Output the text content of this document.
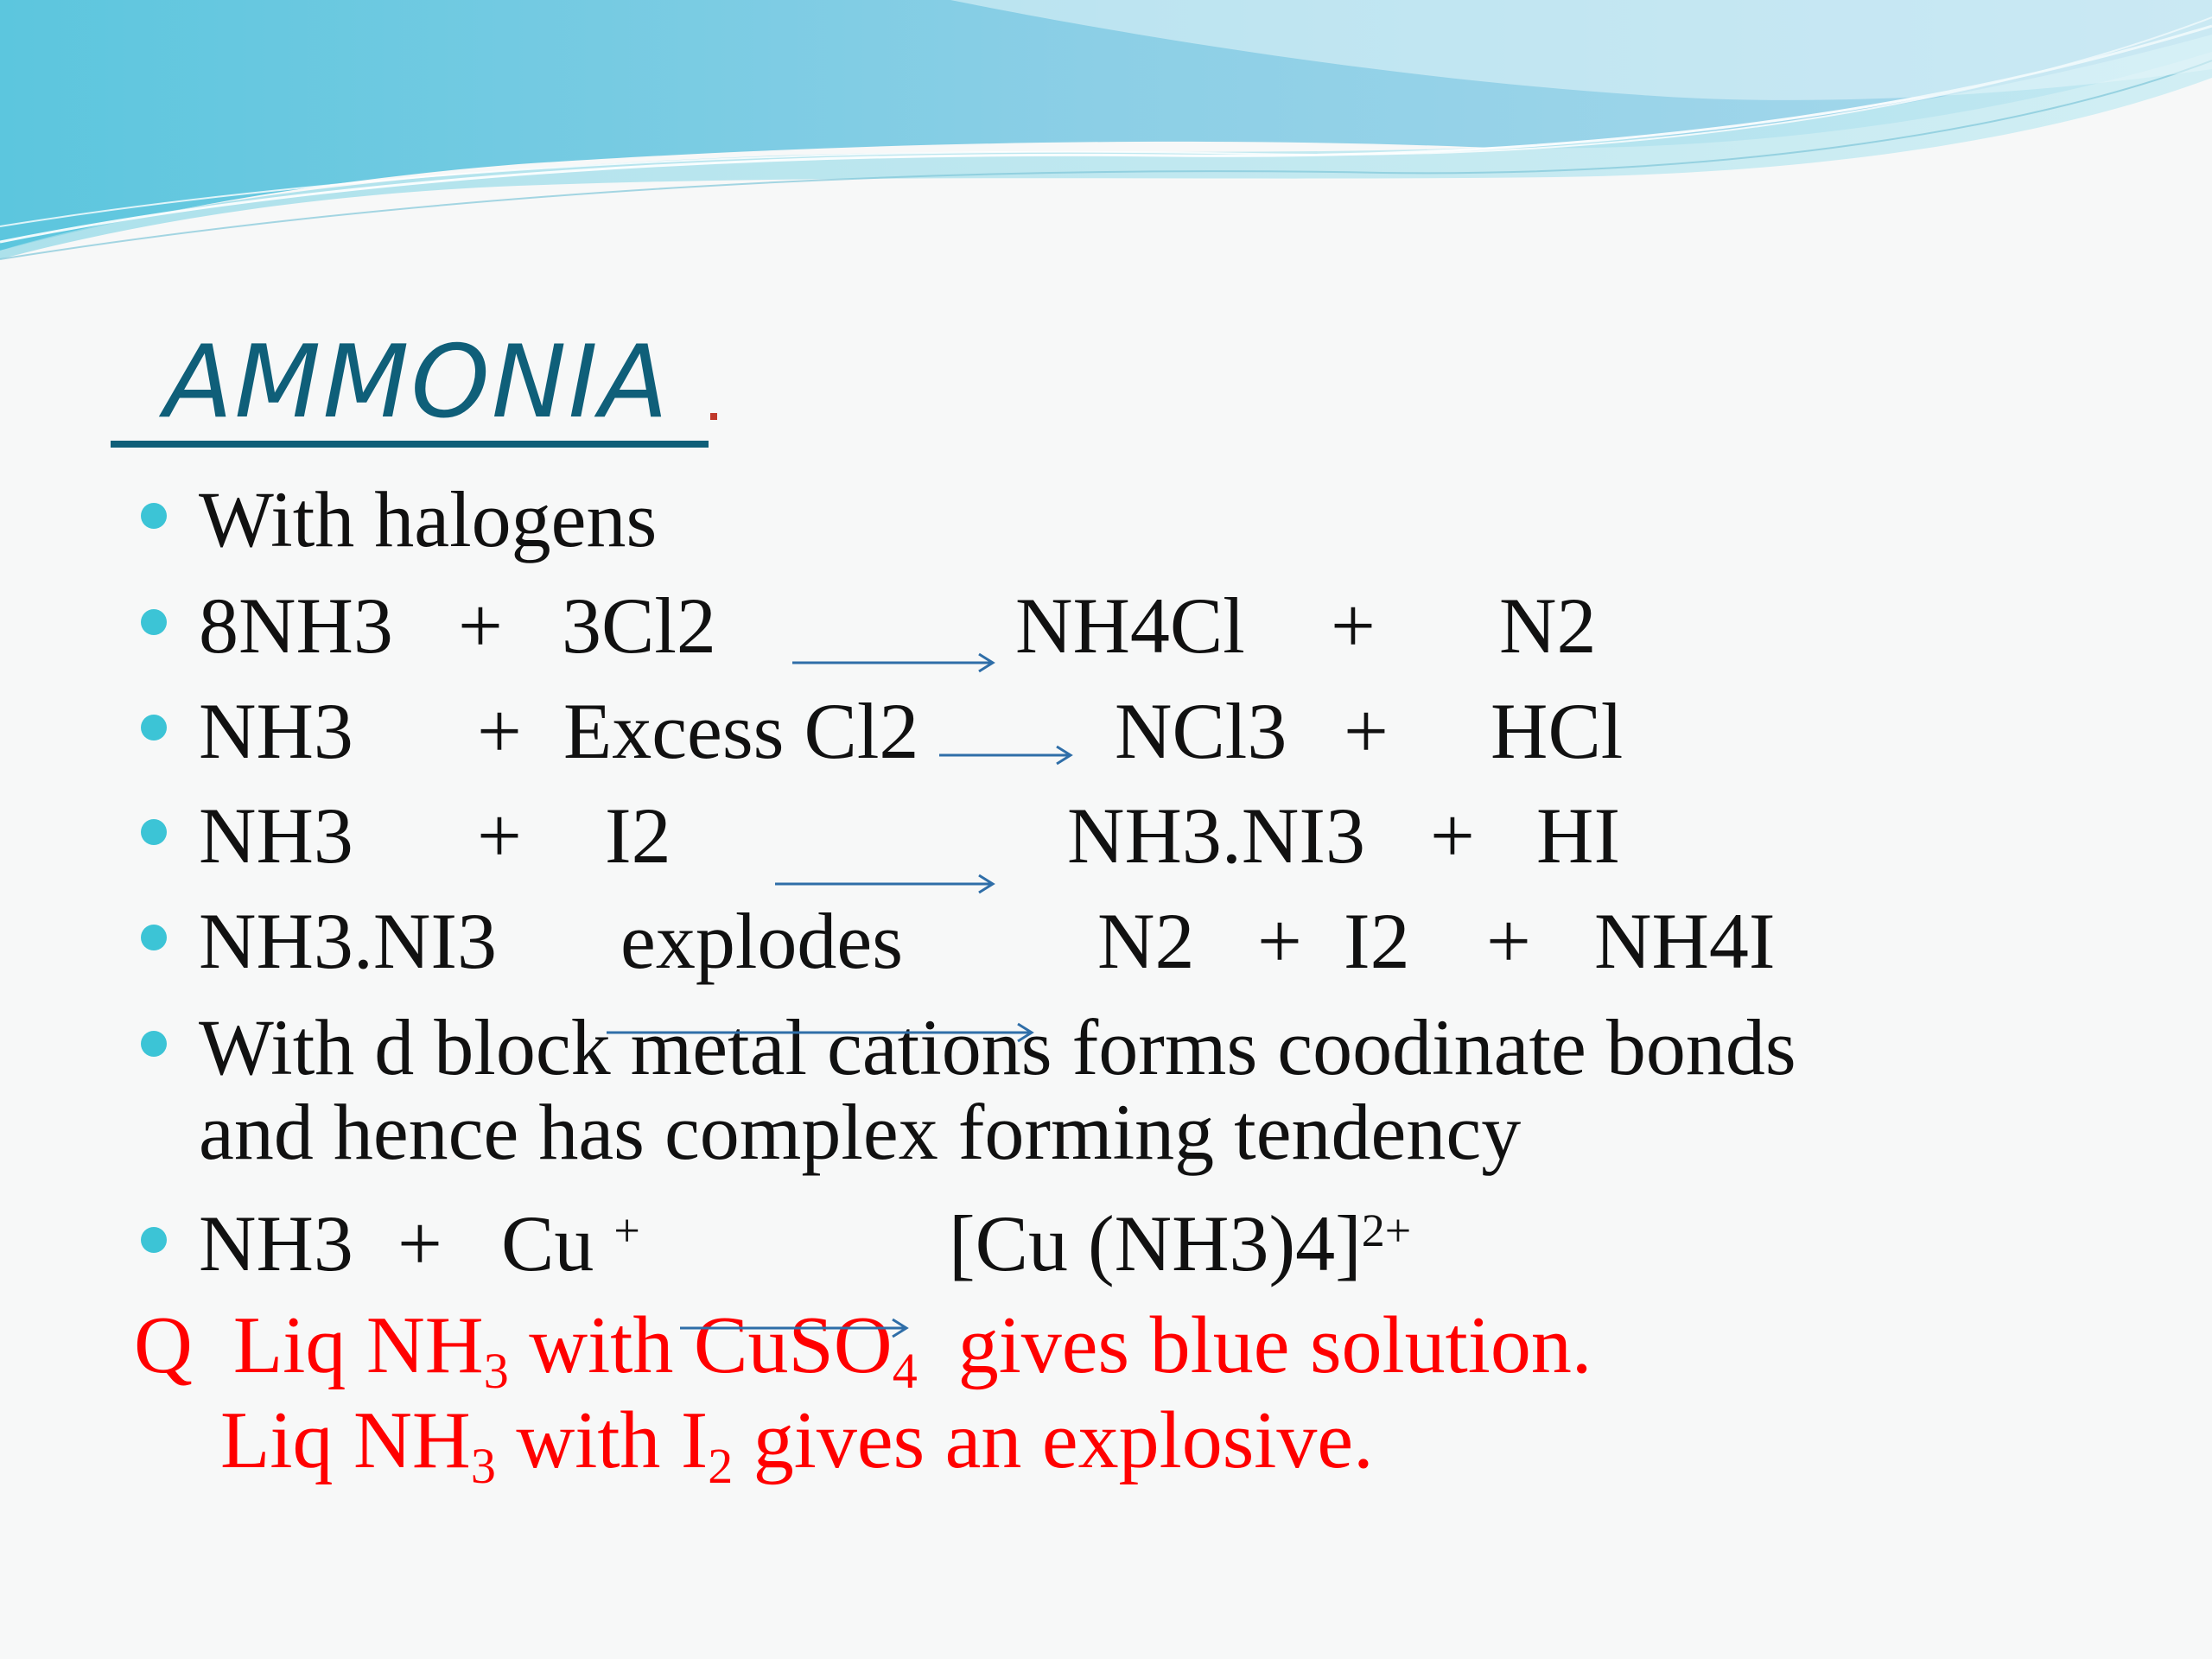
AMMONIA
With halogens
8NH3 + 3Cl2	NH4Cl + N2
NH3 + Excess Cl2 NCl3 + HCl
NH3 + I2	NH3.NI3 + HI
NH3.NI3 explodes N2 + I2 + NH4I
With d block metal cations forms coodinate bonds
and hence has complex forming tendency
NH3 + Cu +	[Cu (NH3)4]$^{2+}$
Q Liq $NH_3$ with CuSO$_4$ gives blue solution.
Liq $NH_3$ with $I_2$ gives an explosive.
